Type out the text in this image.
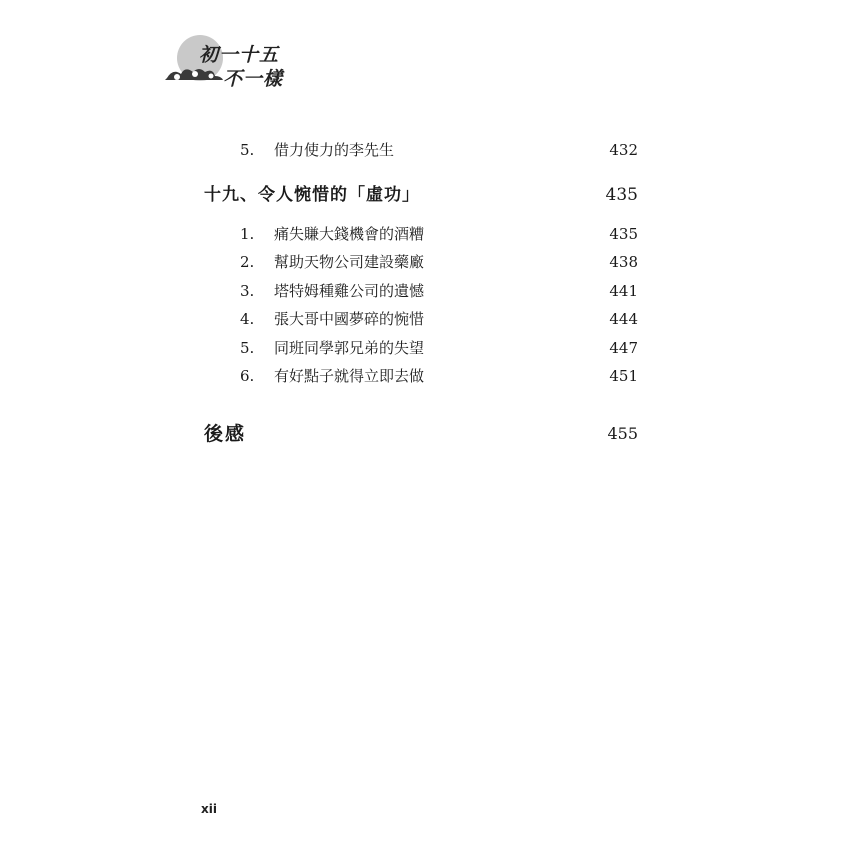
初一十五
不一樣
5.	借力使力的李先生	432
十九、令人惋惜的「虛功」	435
1.	痛失賺大錢機會的酒糟	435
2.	幫助天物公司建設藥廠	438
3.	塔特姆種雞公司的遺憾	441
4.	張大哥中國夢碎的惋惜	444
5.	同班同學郭兄弟的失望	447
6.	有好點子就得立即去做	451
後感	455
xii
